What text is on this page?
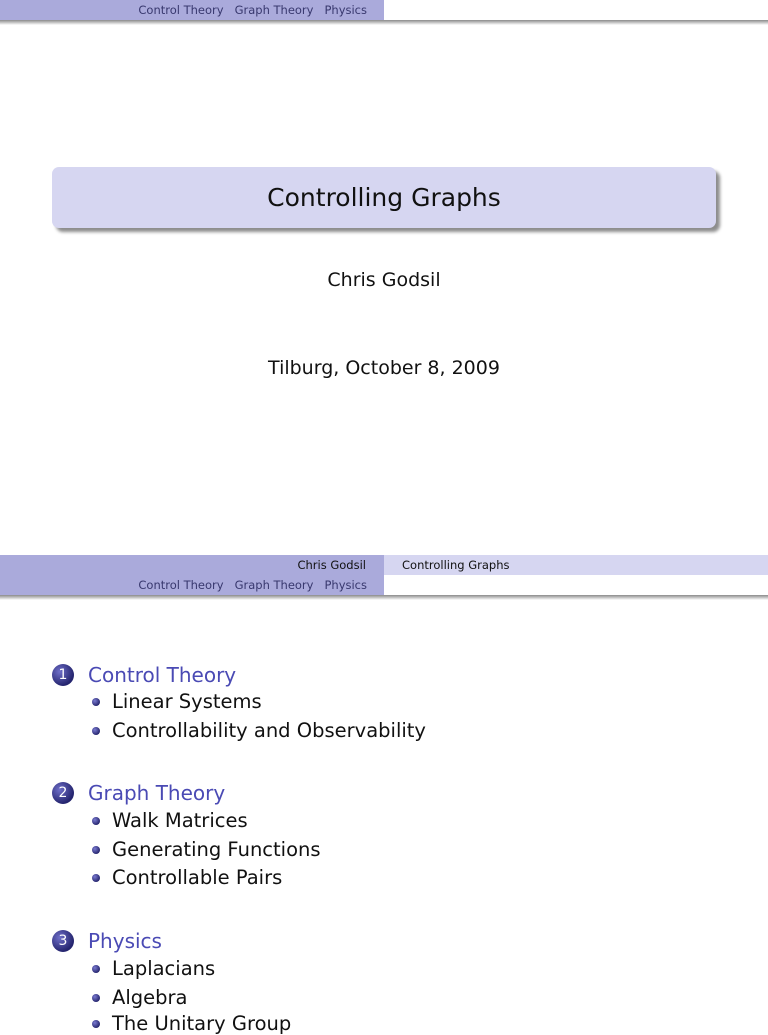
Control Theory Graph Theory Physics
Controlling Graphs
Chris Godsil
Tilburg, October 8, 2009
Chris Godsil	Controlling Graphs
Control Theory Graph Theory Physics
1	Control Theory
Linear Systems
Controllability and Observability
2	Graph Theory
Walk Matrices
Generating Functions
Controllable Pairs
3	Physics
Laplacians
Algebra
The Unitary Group
